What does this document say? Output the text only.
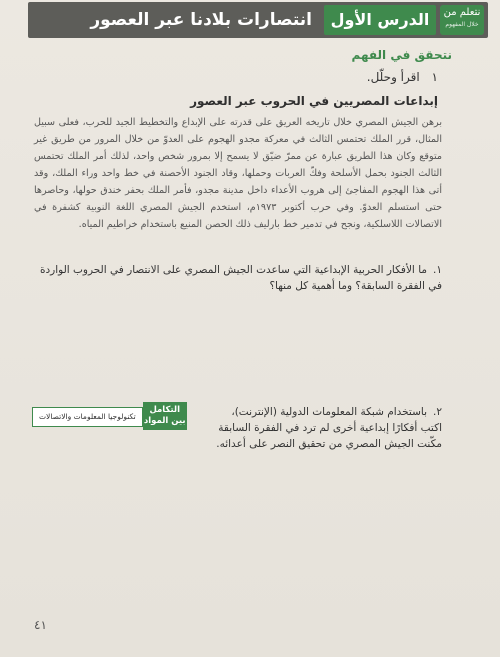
نتعلم من
خلال المفهوم
الدرس الأول
انتصارات بلادنا عبر العصور
نتحقق في الفهم
١ اقرأ وحلّل.
إبداعات المصريين في الحروب عبر العصور
برهن الجيش المصري خلال تاريخه العريق على قدرته على الإبداع والتخطيط الجيد للحرب، فعلى سبيل المثال، قرر الملك تحتمس الثالث في معركة مجدو الهجوم على العدوّ من خلال المرور من طريق غير متوقع وكان هذا الطريق عبارة عن ممرّ ضيّق لا يسمح إلا بمرور شخص واحد، لذلك أمر الملك تحتمس الثالث الجنود بحمل الأسلحة وفكّ العربات وحملها، وقاد الجنود الأحصنة في خط واحد وراء الملك، وقد أتى هذا الهجوم المفاجئ إلى هروب الأعداء داخل مدينة مجدو، فأمر الملك بحفر خندق حولها، وحاصرها حتى استسلم العدوّ. وفي حرب أكتوبر ١٩٧٣م، استخدم الجيش المصري اللغة النوبية كشفرة في الاتصالات اللاسلكية، ونجح في تدمير خط بارليف ذلك الحصن المنيع باستخدام خراطيم المياه.
١.ما الأفكار الحربية الإبداعية التي ساعدت الجيش المصري على الانتصار في الحروب الواردة في الفقرة السابقة؟ وما أهمية كل منها؟
٢.باستخدام شبكة المعلومات الدولية (الإنترنت)، اكتب أفكارًا إبداعية أخرى لم ترد في الفقرة السابقة مكّنت الجيش المصري من تحقيق النصر على أعدائه.
التكامل بين المواد
تكنولوجيا المعلومات والاتصالات
٤١
